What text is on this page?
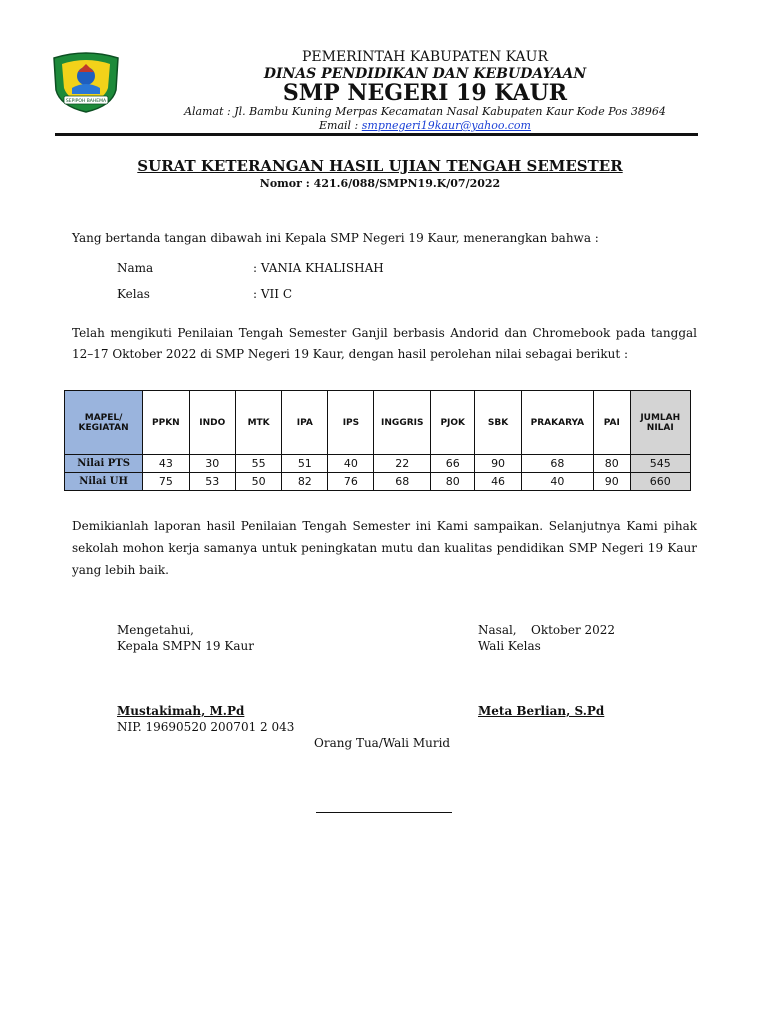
SEPIPOH BAHEMA
PEMERINTAH KABUPATEN KAUR
DINAS PENDIDIKAN DAN KEBUDAYAAN
SMP NEGERI 19 KAUR
Alamat : Jl. Bambu Kuning Merpas Kecamatan Nasal Kabupaten Kaur Kode Pos 38964
Email : smpnegeri19kaur@yahoo.com
SURAT KETERANGAN HASIL UJIAN TENGAH SEMESTER
Nomor : 421.6/088/SMPN19.K/07/2022
Yang bertanda tangan dibawah ini Kepala SMP Negeri 19 Kaur, menerangkan bahwa :
Nama	: VANIA KHALISHAH
Kelas	: VII C
Telah mengikuti Penilaian Tengah Semester Ganjil berbasis Andorid dan Chromebook pada tanggal 12–17 Oktober 2022 di SMP Negeri 19 Kaur, dengan hasil perolehan nilai sebagai berikut :
MAPEL/
KEGIATAN	PPKN	INDO	MTK	IPA	IPS	INGGRIS	PJOK	SBK	PRAKARYA	PAI	JUMLAH NILAI
Nilai PTS	43	30	55	51	40	22	66	90	68	80	545
Nilai UH	75	53	50	82	76	68	80	46	40	90	660
Demikianlah laporan hasil Penilaian Tengah Semester ini Kami sampaikan. Selanjutnya Kami pihak sekolah mohon kerja samanya untuk peningkatan mutu dan kualitas pendidikan SMP Negeri 19 Kaur yang lebih baik.
Mengetahui,
Kepala SMPN 19 Kaur
Nasal, Oktober 2022
Wali Kelas
Mustakimah, M.Pd
NIP. 19690520 200701 2 043
Meta Berlian, S.Pd
Orang Tua/Wali Murid
